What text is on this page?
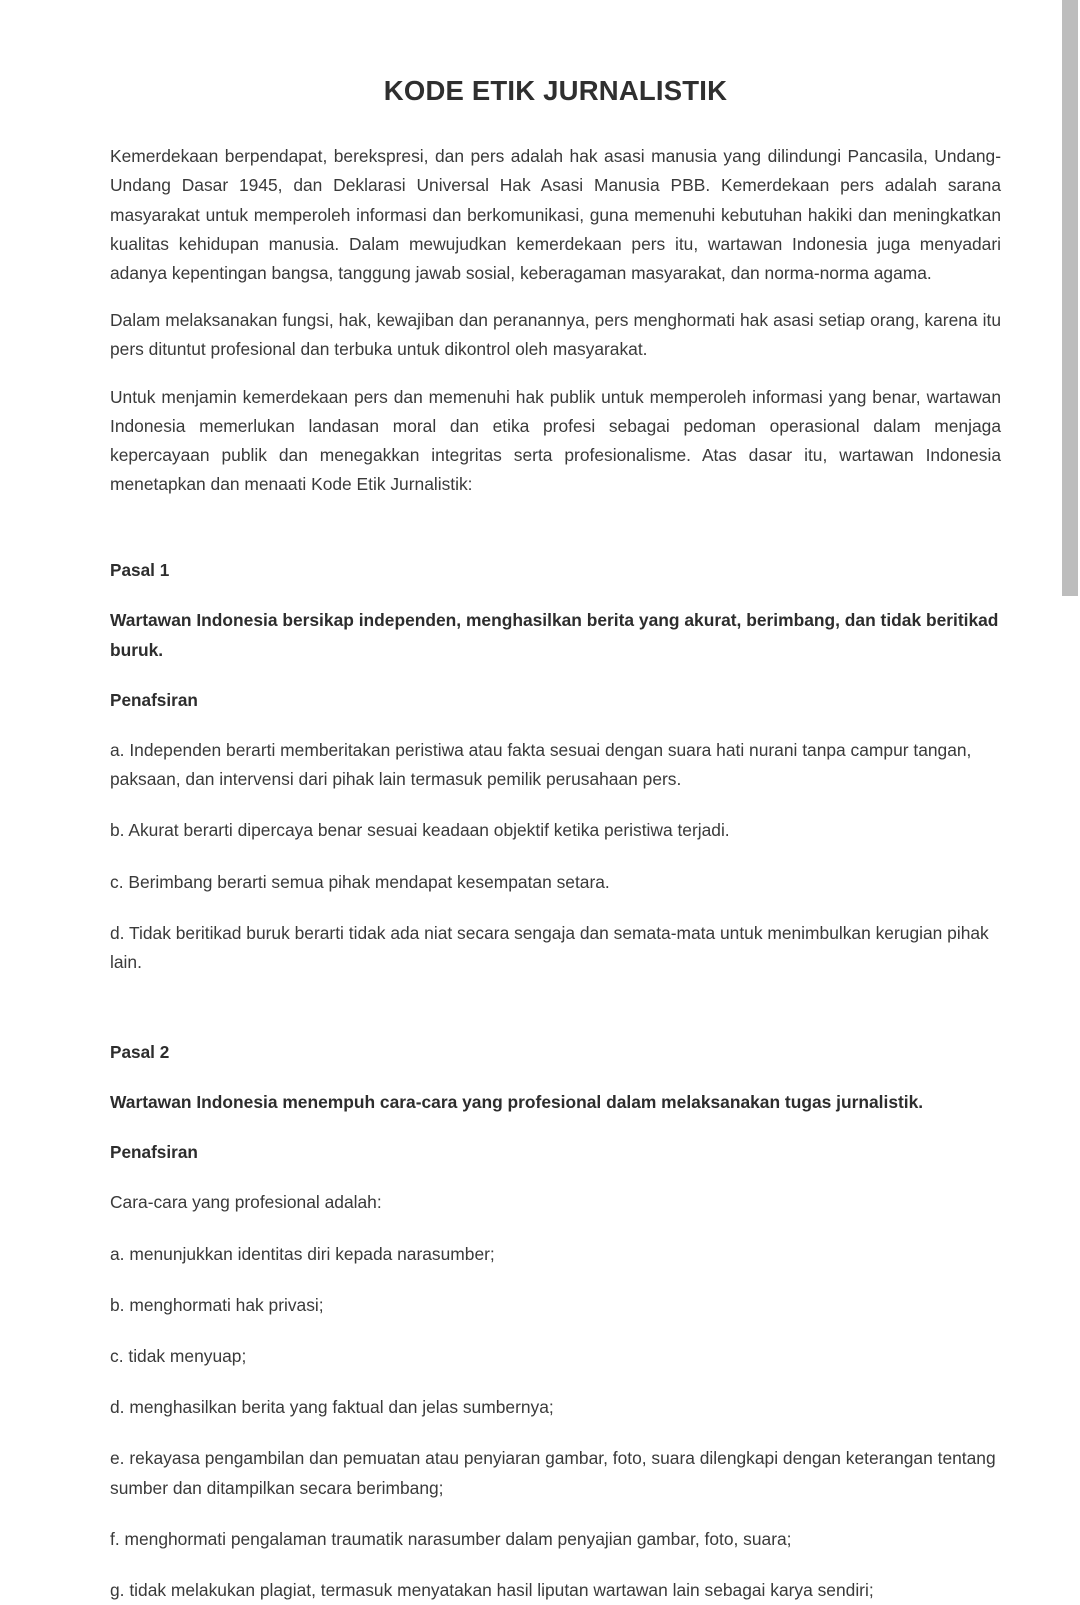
KODE ETIK JURNALISTIK

Kemerdekaan berpendapat, berekspresi, dan pers adalah hak asasi manusia yang dilindungi Pancasila, Undang-Undang Dasar 1945, dan Deklarasi Universal Hak Asasi Manusia PBB. Kemerdekaan pers adalah sarana masyarakat untuk memperoleh informasi dan berkomunikasi, guna memenuhi kebutuhan hakiki dan meningkatkan kualitas kehidupan manusia. Dalam mewujudkan kemerdekaan pers itu, wartawan Indonesia juga menyadari adanya kepentingan bangsa, tanggung jawab sosial, keberagaman masyarakat, dan norma-norma agama.

Dalam melaksanakan fungsi, hak, kewajiban dan peranannya, pers menghormati hak asasi setiap orang, karena itu pers dituntut profesional dan terbuka untuk dikontrol oleh masyarakat.

Untuk menjamin kemerdekaan pers dan memenuhi hak publik untuk memperoleh informasi yang benar, wartawan Indonesia memerlukan landasan moral dan etika profesi sebagai pedoman operasional dalam menjaga kepercayaan publik dan menegakkan integritas serta profesionalisme. Atas dasar itu, wartawan Indonesia menetapkan dan menaati Kode Etik Jurnalistik:

Pasal 1

Wartawan Indonesia bersikap independen, menghasilkan berita yang akurat, berimbang, dan tidak beritikad buruk.

Penafsiran

a. Independen berarti memberitakan peristiwa atau fakta sesuai dengan suara hati nurani tanpa campur tangan, paksaan, dan intervensi dari pihak lain termasuk pemilik perusahaan pers.

b. Akurat berarti dipercaya benar sesuai keadaan objektif ketika peristiwa terjadi.

c. Berimbang berarti semua pihak mendapat kesempatan setara.

d. Tidak beritikad buruk berarti tidak ada niat secara sengaja dan semata-mata untuk menimbulkan kerugian pihak lain.

Pasal 2

Wartawan Indonesia menempuh cara-cara yang profesional dalam melaksanakan tugas jurnalistik.

Penafsiran

Cara-cara yang profesional adalah:

a. menunjukkan identitas diri kepada narasumber;

b. menghormati hak privasi;

c. tidak menyuap;

d. menghasilkan berita yang faktual dan jelas sumbernya;

e. rekayasa pengambilan dan pemuatan atau penyiaran gambar, foto, suara dilengkapi dengan keterangan tentang sumber dan ditampilkan secara berimbang;

f. menghormati pengalaman traumatik narasumber dalam penyajian gambar, foto, suara;

g. tidak melakukan plagiat, termasuk menyatakan hasil liputan wartawan lain sebagai karya sendiri;
